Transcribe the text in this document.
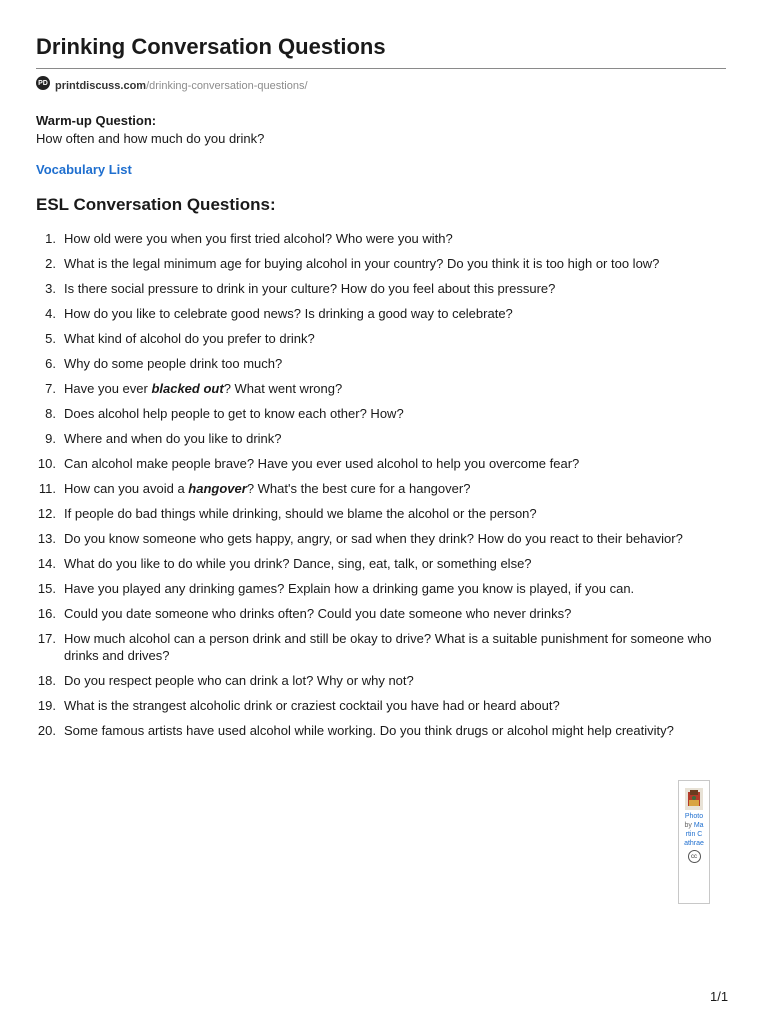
Drinking Conversation Questions
PD printdiscuss.com /drinking-conversation-questions/
Warm-up Question:
How often and how much do you drink?
Vocabulary List
ESL Conversation Questions:
1. How old were you when you first tried alcohol? Who were you with?
2. What is the legal minimum age for buying alcohol in your country? Do you think it is too high or too low?
3. Is there social pressure to drink in your culture? How do you feel about this pressure?
4. How do you like to celebrate good news? Is drinking a good way to celebrate?
5. What kind of alcohol do you prefer to drink?
6. Why do some people drink too much?
7. Have you ever blacked out? What went wrong?
8. Does alcohol help people to get to know each other? How?
9. Where and when do you like to drink?
10. Can alcohol make people brave? Have you ever used alcohol to help you overcome fear?
11. How can you avoid a hangover? What's the best cure for a hangover?
12. If people do bad things while drinking, should we blame the alcohol or the person?
13. Do you know someone who gets happy, angry, or sad when they drink? How do you react to their behavior?
14. What do you like to do while you drink? Dance, sing, eat, talk, or something else?
15. Have you played any drinking games? Explain how a drinking game you know is played, if you can.
16. Could you date someone who drinks often? Could you date someone who never drinks?
17. How much alcohol can a person drink and still be okay to drive? What is a suitable punishment for someone who drinks and drives?
18. Do you respect people who can drink a lot? Why or why not?
19. What is the strangest alcoholic drink or craziest cocktail you have had or heard about?
20. Some famous artists have used alcohol while working. Do you think drugs or alcohol might help creativity?
Photo by Martin Cathrae
cc
1/1
